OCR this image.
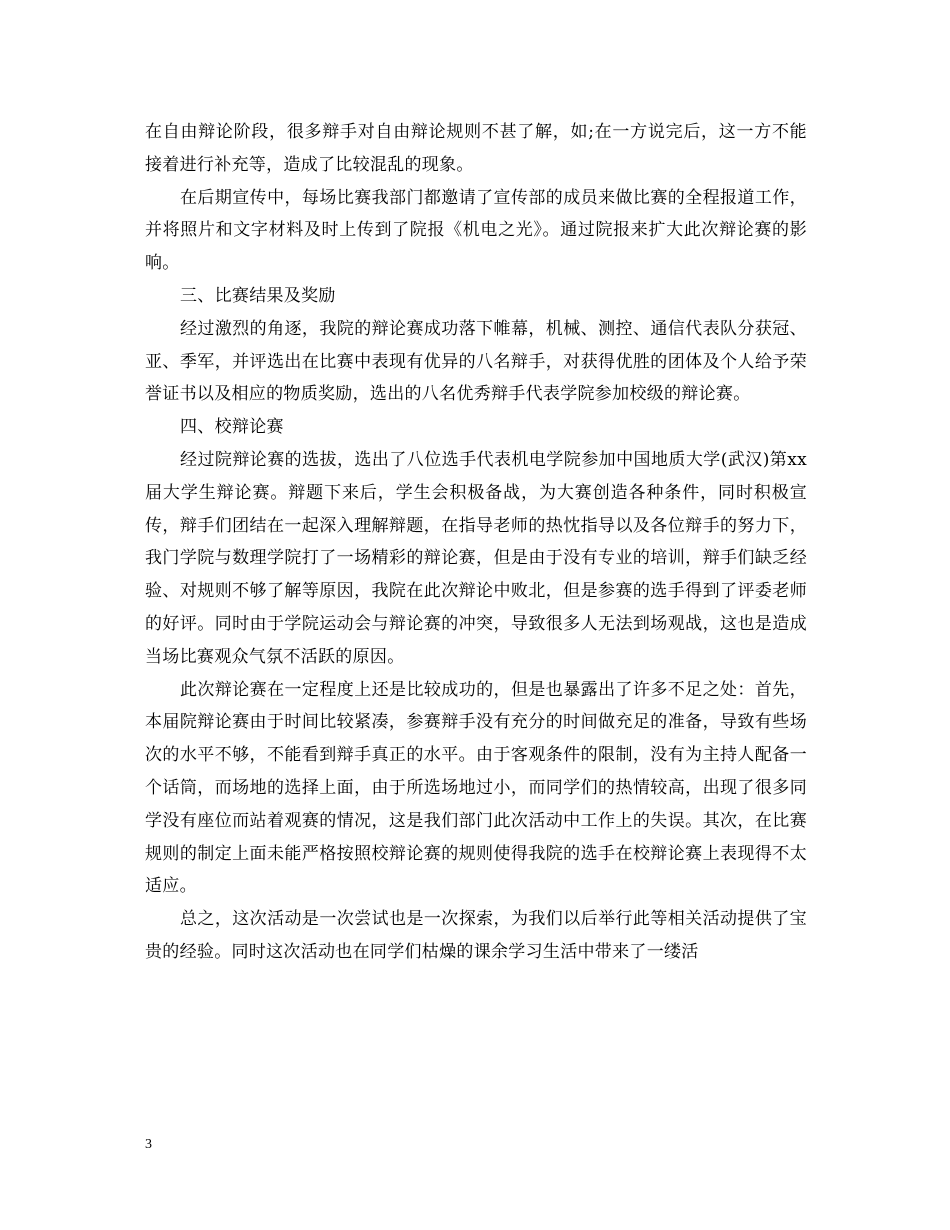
在自由辩论阶段，很多辩手对自由辩论规则不甚了解，如;在一方说完后，这一方不能接着进行补充等，造成了比较混乱的现象。

在后期宣传中，每场比赛我部门都邀请了宣传部的成员来做比赛的全程报道工作，并将照片和文字材料及时上传到了院报《机电之光》。通过院报来扩大此次辩论赛的影响。

三、比赛结果及奖励

经过激烈的角逐，我院的辩论赛成功落下帷幕，机械、测控、通信代表队分获冠、亚、季军，并评选出在比赛中表现有优异的八名辩手，对获得优胜的团体及个人给予荣誉证书以及相应的物质奖励，选出的八名优秀辩手代表学院参加校级的辩论赛。

四、校辩论赛

经过院辩论赛的选拔，选出了八位选手代表机电学院参加中国地质大学(武汉)第xx届大学生辩论赛。辩题下来后，学生会积极备战，为大赛创造各种条件，同时积极宣传，辩手们团结在一起深入理解辩题，在指导老师的热忱指导以及各位辩手的努力下，我门学院与数理学院打了一场精彩的辩论赛，但是由于没有专业的培训，辩手们缺乏经验、对规则不够了解等原因，我院在此次辩论中败北，但是参赛的选手得到了评委老师的好评。同时由于学院运动会与辩论赛的冲突，导致很多人无法到场观战，这也是造成当场比赛观众气氛不活跃的原因。

此次辩论赛在一定程度上还是比较成功的，但是也暴露出了许多不足之处：首先，本届院辩论赛由于时间比较紧凑，参赛辩手没有充分的时间做充足的准备，导致有些场次的水平不够，不能看到辩手真正的水平。由于客观条件的限制，没有为主持人配备一个话筒，而场地的选择上面，由于所选场地过小，而同学们的热情较高，出现了很多同学没有座位而站着观赛的情况，这是我们部门此次活动中工作上的失误。其次，在比赛规则的制定上面未能严格按照校辩论赛的规则使得我院的选手在校辩论赛上表现得不太适应。

总之，这次活动是一次尝试也是一次探索，为我们以后举行此等相关活动提供了宝贵的经验。同时这次活动也在同学们枯燥的课余学习生活中带来了一缕活

3
